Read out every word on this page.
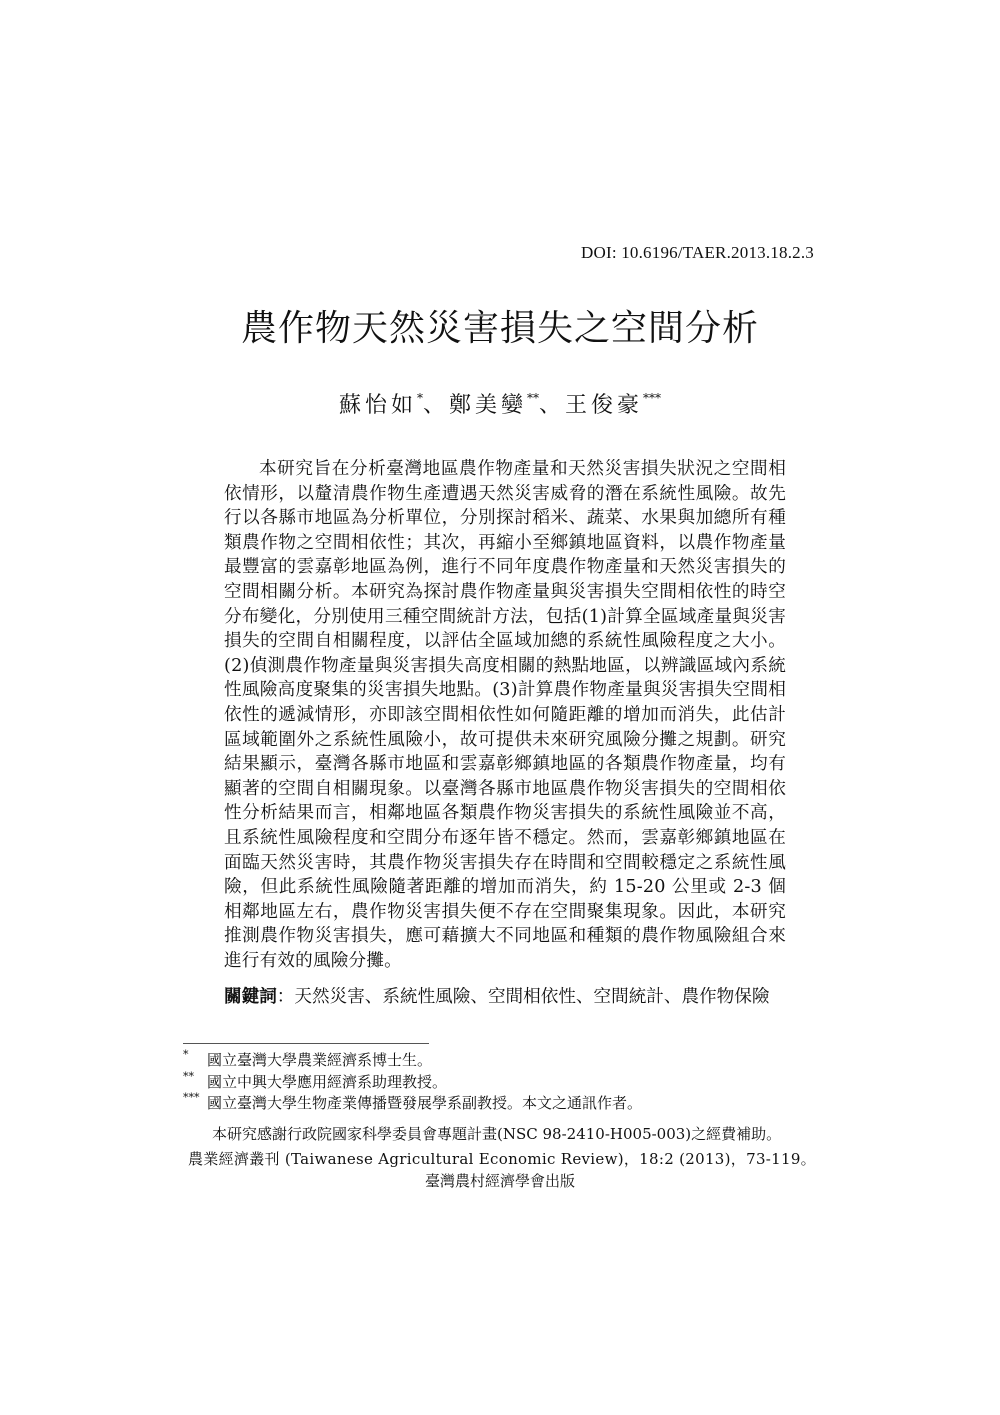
DOI: 10.6196/TAER.2013.18.2.3
農作物天然災害損失之空間分析
蘇怡如*、鄭美孌**、王俊豪***

本研究旨在分析臺灣地區農作物產量和天然災害損失狀況之空間相依情形，以釐清農作物生產遭遇天然災害威脅的潛在系統性風險。故先行以各縣市地區為分析單位，分別探討稻米、蔬菜、水果與加總所有種類農作物之空間相依性；其次，再縮小至鄉鎮地區資料，以農作物產量最豐富的雲嘉彰地區為例，進行不同年度農作物產量和天然災害損失的空間相關分析。本研究為探討農作物產量與災害損失空間相依性的時空分布變化，分別使用三種空間統計方法，包括(1)計算全區域產量與災害損失的空間自相關程度，以評估全區域加總的系統性風險程度之大小。(2)偵測農作物產量與災害損失高度相關的熱點地區，以辨識區域內系統性風險高度聚集的災害損失地點。(3)計算農作物產量與災害損失空間相依性的遞減情形，亦即該空間相依性如何隨距離的增加而消失，此估計區域範圍外之系統性風險小，故可提供未來研究風險分攤之規劃。研究結果顯示，臺灣各縣市地區和雲嘉彰鄉鎮地區的各類農作物產量，均有顯著的空間自相關現象。以臺灣各縣市地區農作物災害損失的空間相依性分析結果而言，相鄰地區各類農作物災害損失的系統性風險並不高，且系統性風險程度和空間分布逐年皆不穩定。然而，雲嘉彰鄉鎮地區在面臨天然災害時，其農作物災害損失存在時間和空間較穩定之系統性風險，但此系統性風險隨著距離的增加而消失，約 15-20 公里或 2-3 個相鄰地區左右，農作物災害損失便不存在空間聚集現象。因此，本研究推測農作物災害損失，應可藉擴大不同地區和種類的農作物風險組合來進行有效的風險分攤。

關鍵詞：天然災害、系統性風險、空間相依性、空間統計、農作物保險
* 國立臺灣大學農業經濟系博士生。
** 國立中興大學應用經濟系助理教授。
*** 國立臺灣大學生物產業傳播暨發展學系副教授。本文之通訊作者。
本研究感謝行政院國家科學委員會專題計畫(NSC 98-2410-H005-003)之經費補助。
農業經濟叢刊 (Taiwanese Agricultural Economic Review)，18:2 (2013)，73-119。
臺灣農村經濟學會出版
